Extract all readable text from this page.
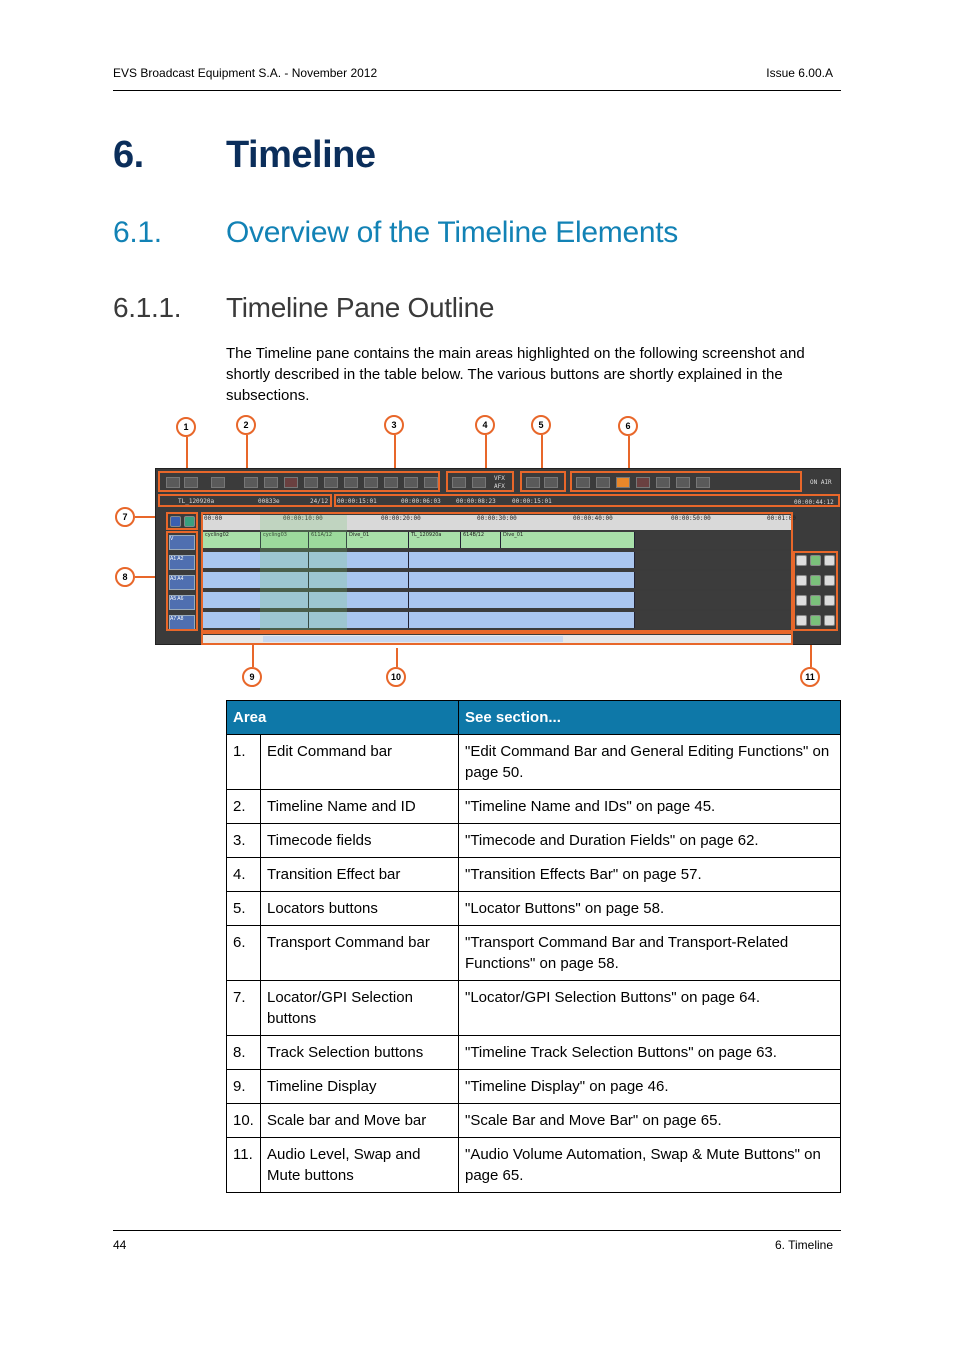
EVS Broadcast Equipment S.A. - November 2012	Issue 6.00.A
6. Timeline
6.1. Overview of the Timeline Elements
6.1.1. Timeline Pane Outline

The Timeline pane contains the main areas highlighted on the following screenshot and shortly described in the table below. The various buttons are shortly explained in the subsections.

1	2	3	4	5	6
7
8
9	10	11
VFX
AFX
ON AIR
TL_120920a	00833e	24/12 00:00:15:01	00:00:06:03	00:00:08:23	00:00:15:01	00:00:44:12
00:00	00:00:10:00	00:00:20:00	00:00:30:00	00:00:40:00	00:00:50:00	00:01:00
cycling02	cycling03	611A/12	Dive_01	TL_120920a	614B/12	Dive_01
V
A1 A2
A3 A4
A5 A6
A7 A8
Area		See section...
1.	Edit Command bar	"Edit Command Bar and General Editing Functions" on page 50.
2.	Timeline Name and ID	"Timeline Name and IDs" on page 45.
3.	Timecode fields	"Timecode and Duration Fields" on page 62.
4.	Transition Effect bar	"Transition Effects Bar" on page 57.
5.	Locators buttons	"Locator Buttons" on page 58.
6.	Transport Command bar	"Transport Command Bar and Transport-Related Functions" on page 58.
7.	Locator/GPI Selection buttons	"Locator/GPI Selection Buttons" on page 64.
8.	Track Selection buttons	"Timeline Track Selection Buttons" on page 63.
9.	Timeline Display	"Timeline Display" on page 46.
10.	Scale bar and Move bar	"Scale Bar and Move Bar" on page 65.
11.	Audio Level, Swap and Mute buttons	"Audio Volume Automation, Swap & Mute Buttons" on page 65.
44	6. Timeline
